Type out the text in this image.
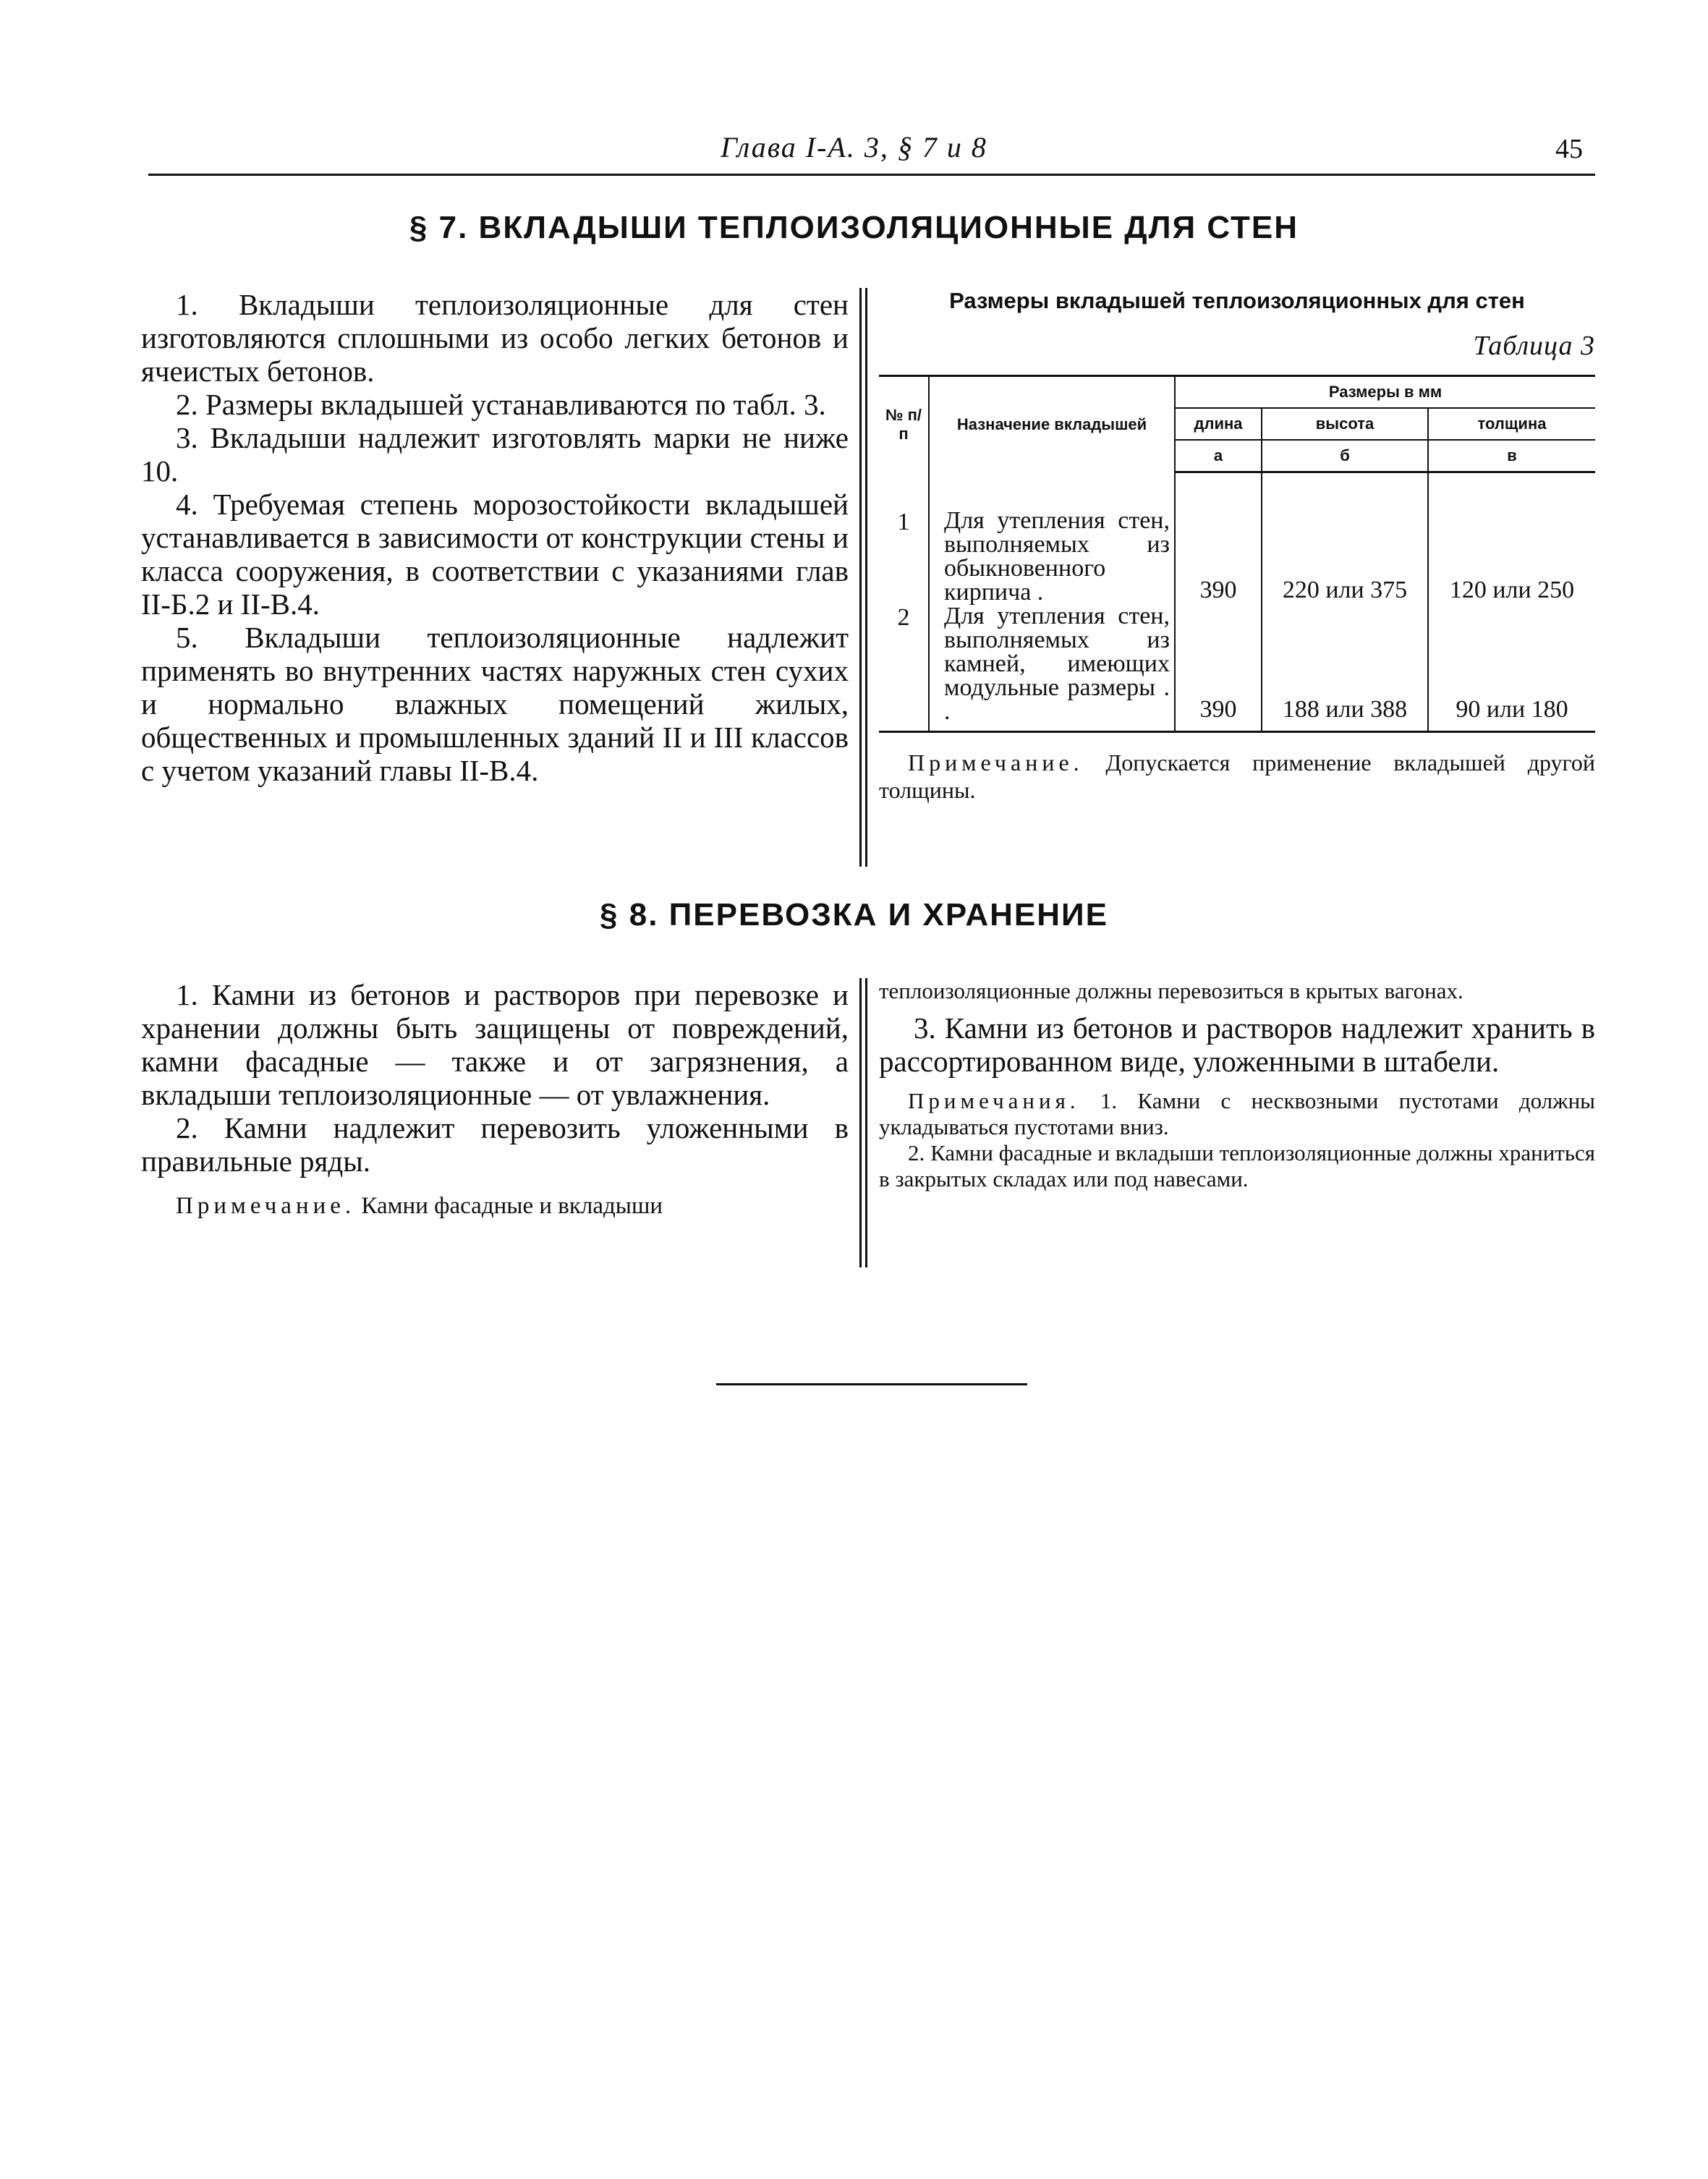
Глава I-А. 3, § 7 и 8	45
§ 7. ВКЛАДЫШИ ТЕПЛОИЗОЛЯЦИОННЫЕ ДЛЯ СТЕН

1. Вкладыши теплоизоляционные для стен изготовляются сплошными из особо легких бетонов и ячеистых бетонов.

2. Размеры вкладышей устанавливаются по табл. 3.

3. Вкладыши надлежит изготовлять марки не ниже 10.

4. Требуемая степень морозостойкости вкладышей устанавливается в зависимости от конструкции стены и класса сооружения, в соответствии с указаниями глав II-Б.2 и II-В.4.

5. Вкладыши теплоизоляционные надлежит применять во внутренних частях наружных стен сухих и нормально влажных помещений жилых, общественных и промышленных зданий II и III классов с учетом указаний главы II-В.4.

Размеры вкладышей теплоизоляционных для стен
Таблица 3
№ п/п	Назначение вкладышей	Размеры в мм		
		длина	высота	толщина
		а	б	в
1	Для утепления стен, выполняемых из обыкновенного кирпича .	390	220 или 375	120 или 250
2	Для утепления стен, выполняемых из камней, имеющих модульные размеры . .	390	188 или 388	90 или 180

Примечание. Допускается применение вкладышей другой толщины.
§ 8. ПЕРЕВОЗКА И ХРАНЕНИЕ

1. Камни из бетонов и растворов при перевозке и хранении должны быть защищены от повреждений, камни фасадные — также и от загрязнения, а вкладыши теплоизоляционные — от увлажнения.

2. Камни надлежит перевозить уложенными в правильные ряды.

Примечание. Камни фасадные и вкладыши

теплоизоляционные должны перевозиться в крытых вагонах.

3. Камни из бетонов и растворов надлежит хранить в рассортированном виде, уложенными в штабели.

Примечания. 1. Камни с несквозными пустотами должны укладываться пустотами вниз.
2. Камни фасадные и вкладыши теплоизоляционные должны храниться в закрытых складах или под навесами.
